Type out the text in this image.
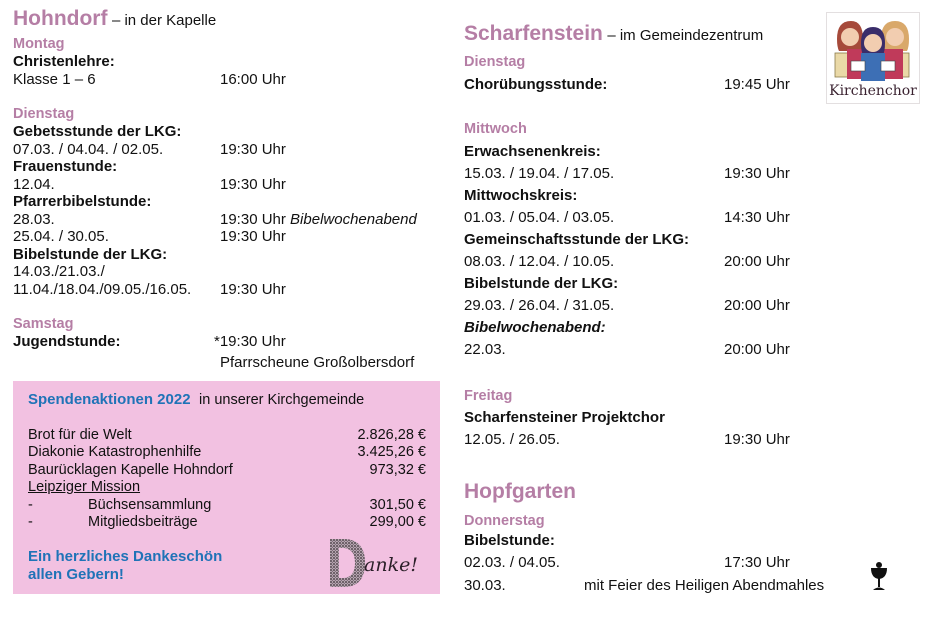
Hohndorf – in der Kapelle
Montag
Christenlehre:
Klasse 1 – 6	16:00 Uhr
Dienstag
Gebetsstunde der LKG:
07.03. / 04.04. / 02.05.	19:30 Uhr
Frauenstunde:
12.04.	19:30 Uhr
Pfarrerbibelstunde:
28.03.	19:30 Uhr Bibelwochenabend
25.04. / 30.05.	19:30 Uhr
Bibelstunde der LKG:
14.03./21.03./
11.04./18.04./09.05./16.05. 19:30 Uhr
Samstag
Jugendstunde:	*19:30 Uhr
Pfarrscheune Großolbersdorf
Spendenaktionen 2022 in unserer Kirchgemeinde
Brot für die Welt	2.826,28 €
Diakonie Katastrophenhilfe	3.425,26 €
Baurücklagen Kapelle Hohndorf	973,32 €
Leipziger Mission
-	Büchsensammlung	301,50 €
-	Mitgliedsbeiträge	299,00 €
Ein herzliches Dankeschön
allen Gebern!	anke!
Scharfenstein – im Gemeindezentrum
Kirchenchor
Dienstag
Chorübungsstunde:	19:45 Uhr
Mittwoch
Erwachsenenkreis:
15.03. / 19.04. / 17.05.	19:30 Uhr
Mittwochskreis:
01.03. / 05.04. / 03.05.	14:30 Uhr
Gemeinschaftsstunde der LKG:
08.03. / 12.04. / 10.05.	20:00 Uhr
Bibelstunde der LKG:
29.03. / 26.04. / 31.05.	20:00 Uhr
Bibelwochenabend:
22.03.	20:00 Uhr
Freitag
Scharfensteiner Projektchor
12.05. / 26.05.	19:30 Uhr
Hopfgarten
Donnerstag
Bibelstunde:
02.03. / 04.05.	17:30 Uhr
30.03.	mit Feier des Heiligen Abendmahles
